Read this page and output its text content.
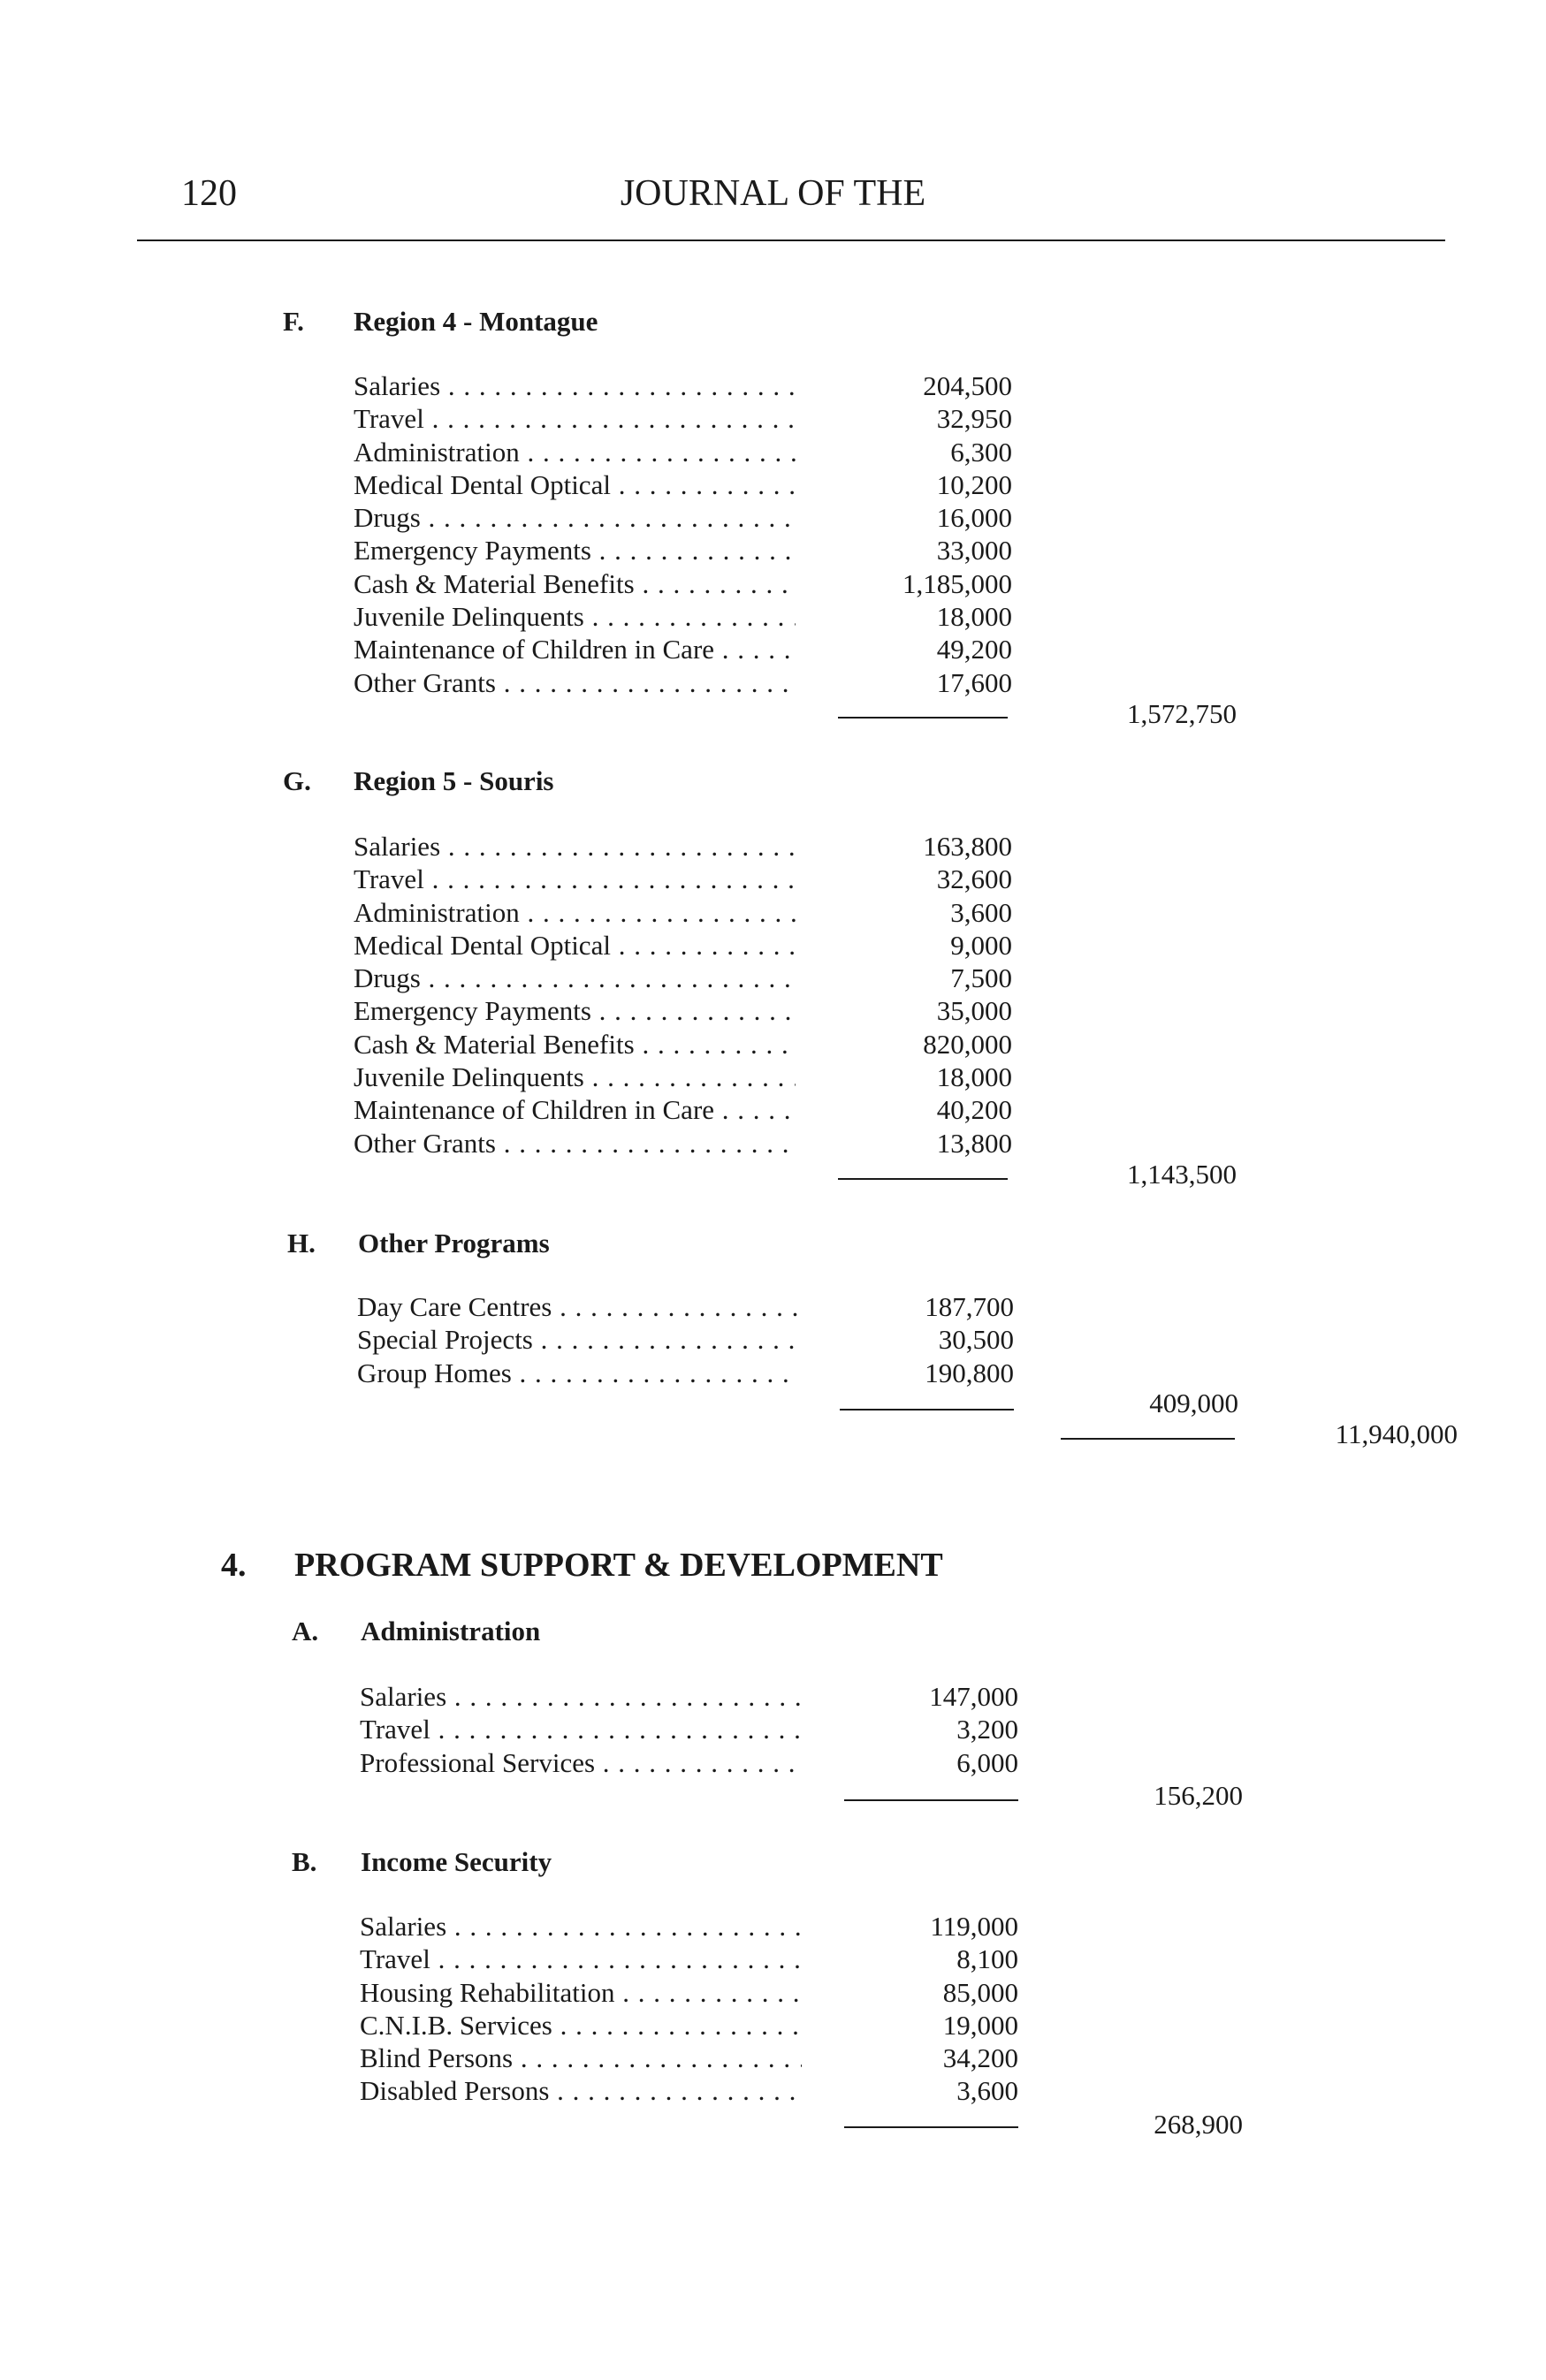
120	JOURNAL OF THE
F. Region 4 - Montague
Salaries . . .	204,500
Travel . . .	32,950
Administration . . .	6,300
Medical Dental Optical . . .	10,200
Drugs . . .	16,000
Emergency Payments . . .	33,000
Cash & Material Benefits . . .	1,185,000
Juvenile Delinquents . . .	18,000
Maintenance of Children in Care . . .	49,200
Other Grants . . .	17,600
1,572,750
G. Region 5 - Souris
Salaries . . .	163,800
Travel . . .	32,600
Administration . . .	3,600
Medical Dental Optical . . .	9,000
Drugs . . .	7,500
Emergency Payments . . .	35,000
Cash & Material Benefits . . .	820,000
Juvenile Delinquents . . .	18,000
Maintenance of Children in Care . . .	40,200
Other Grants . . .	13,800
1,143,500
H. Other Programs
Day Care Centres . . .	187,700
Special Projects . . .	30,500
Group Homes . . .	190,800
409,000
11,940,000
4. PROGRAM SUPPORT & DEVELOPMENT
A. Administration
Salaries . . .	147,000
Travel . . .	3,200
Professional Services . . .	6,000
156,200
B. Income Security
Salaries . . .	119,000
Travel . . .	8,100
Housing Rehabilitation . . .	85,000
C.N.I.B. Services . . .	19,000
Blind Persons . . .	34,200
Disabled Persons . . .	3,600
268,900
